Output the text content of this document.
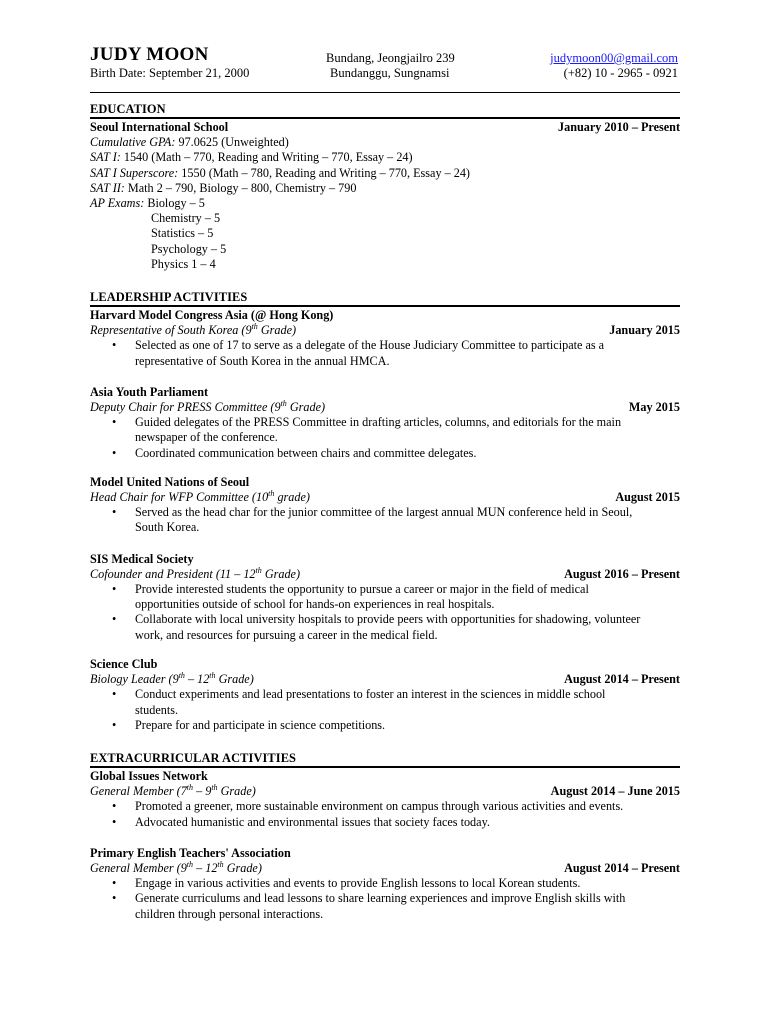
JUDY MOON
Birth Date: September 21, 2000
Bundang, Jeongjailro 239
Bundanggu, Sungnamsi
judymoon00@gmail.com
(+82) 10 - 2965 - 0921
EDUCATION
Seoul International School	January 2010 – Present
Cumulative GPA: 97.0625 (Unweighted)
SAT I: 1540 (Math – 770, Reading and Writing – 770, Essay – 24)
SAT I Superscore: 1550 (Math – 780, Reading and Writing – 770, Essay – 24)
SAT II: Math 2 – 790, Biology – 800, Chemistry – 790
AP Exams: Biology – 5
Chemistry – 5
Statistics – 5
Psychology – 5
Physics 1 – 4
LEADERSHIP ACTIVITIES
Harvard Model Congress Asia (@ Hong Kong)
Representative of South Korea (9th Grade)	January 2015
• Selected as one of 17 to serve as a delegate of the House Judiciary Committee to participate as a representative of South Korea in the annual HMCA.
Asia Youth Parliament
Deputy Chair for PRESS Committee (9th Grade)	May 2015
• Guided delegates of the PRESS Committee in drafting articles, columns, and editorials for the main newspaper of the conference.
• Coordinated communication between chairs and committee delegates.
Model United Nations of Seoul
Head Chair for WFP Committee (10th grade)	August 2015
• Served as the head char for the junior committee of the largest annual MUN conference held in Seoul, South Korea.
SIS Medical Society
Cofounder and President (11 – 12th Grade)	August 2016 – Present
• Provide interested students the opportunity to pursue a career or major in the field of medical opportunities outside of school for hands-on experiences in real hospitals.
• Collaborate with local university hospitals to provide peers with opportunities for shadowing, volunteer work, and resources for pursuing a career in the medical field.
Science Club
Biology Leader (9th – 12th Grade)	August 2014 – Present
• Conduct experiments and lead presentations to foster an interest in the sciences in middle school students.
• Prepare for and participate in science competitions.
EXTRACURRICULAR ACTIVITIES
Global Issues Network
General Member (7th – 9th Grade)	August 2014 – June 2015
• Promoted a greener, more sustainable environment on campus through various activities and events.
• Advocated humanistic and environmental issues that society faces today.
Primary English Teachers' Association
General Member (9th – 12th Grade)	August 2014 – Present
• Engage in various activities and events to provide English lessons to local Korean students.
• Generate curriculums and lead lessons to share learning experiences and improve English skills with children through personal interactions.
